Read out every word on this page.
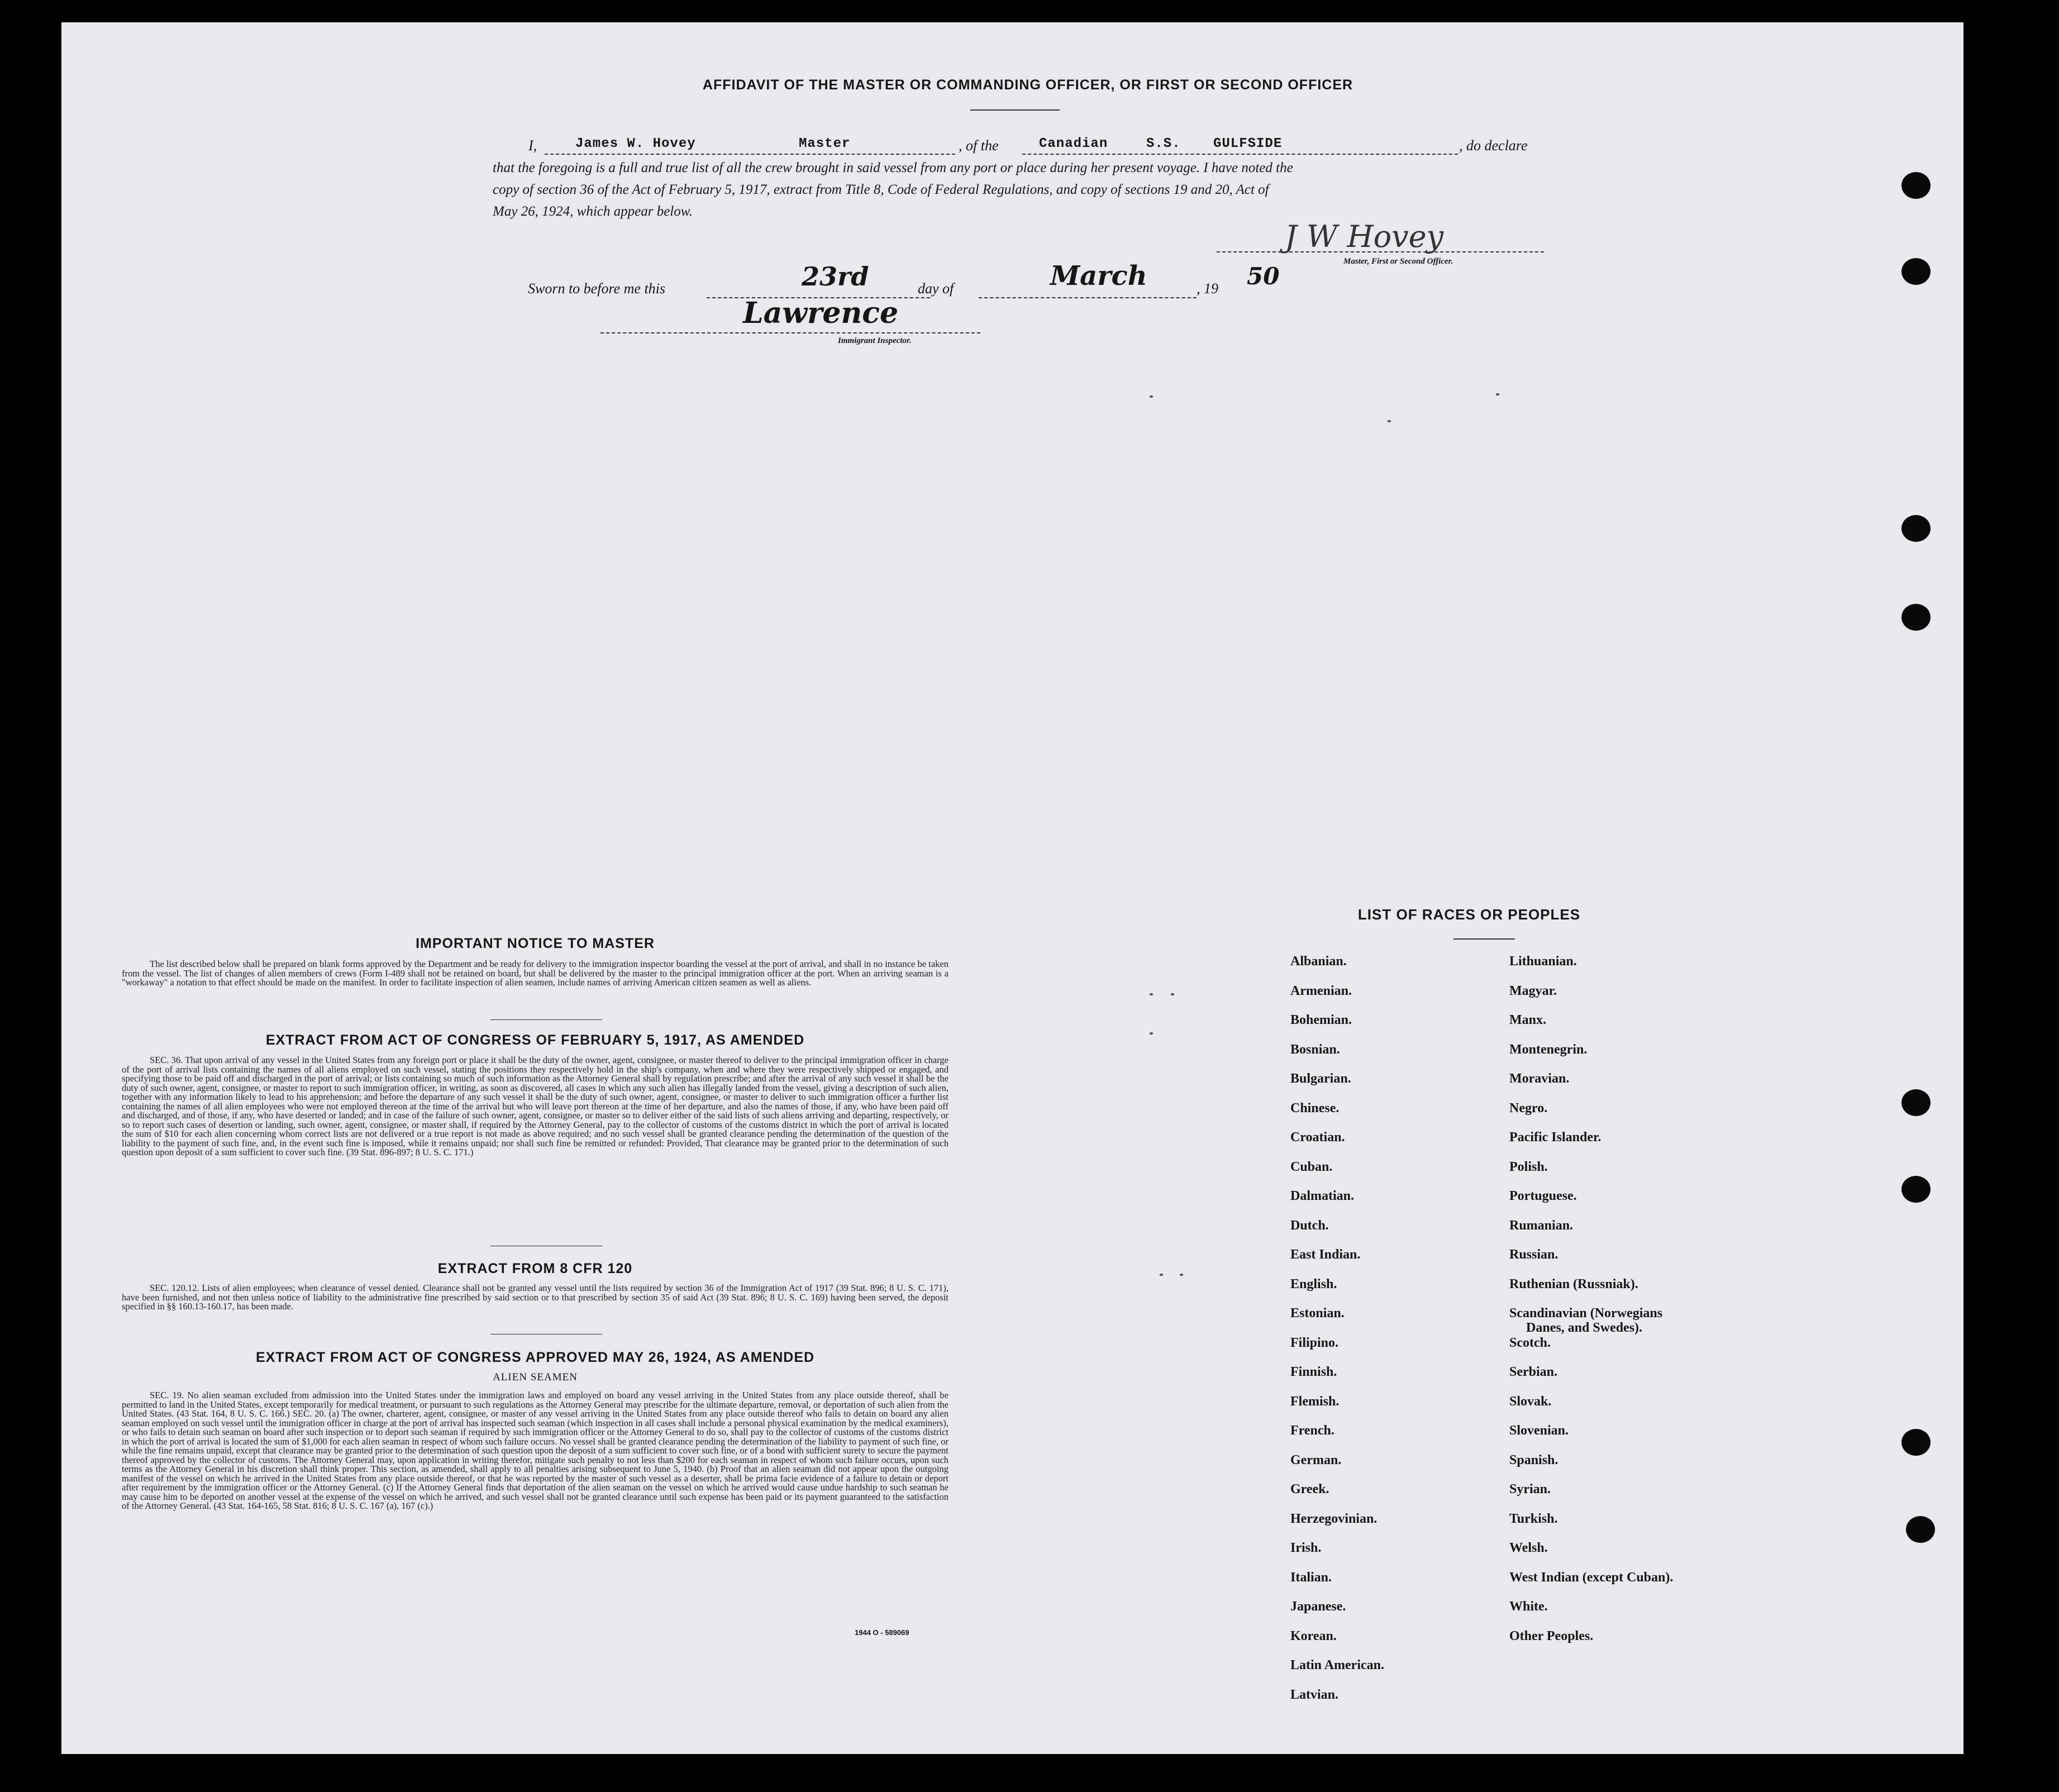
AFFIDAVIT OF THE MASTER OR COMMANDING OFFICER, OR FIRST OR SECOND OFFICER
I,	James W. Hovey	Master	, of the	Canadian	S.S. GULFSIDE	, do declare
that the foregoing is a full and true list of all the crew brought in said vessel from any port or place during her present voyage. I have noted the
copy of section 36 of the Act of February 5, 1917, extract from Title 8, Code of Federal Regulations, and copy of sections 19 and 20, Act of
May 26, 1924, which appear below.
Sworn to before me this	23rd	day of	March	, 19 50
J W Hovey
Master, First or Second Officer.
Lawrence
Immigrant Inspector.
IMPORTANT NOTICE TO MASTER
The list described below shall be prepared on blank forms approved by the Department and be ready for delivery to the immigration inspector boarding the vessel at the port of arrival, and shall in no instance be taken from the vessel. The list of changes of alien members of crews (Form I-489 shall not be retained on board, but shall be delivered by the master to the principal immigration officer at the port. When an arriving seaman is a "workaway" a notation to that effect should be made on the manifest. In order to facilitate inspection of alien seamen, include names of arriving American citizen seamen as well as aliens.
EXTRACT FROM ACT OF CONGRESS OF FEBRUARY 5, 1917, AS AMENDED
SEC. 36. That upon arrival of any vessel in the United States from any foreign port or place it shall be the duty of the owner, agent, consignee, or master thereof to deliver to the principal immigration officer in charge of the port of arrival lists containing the names of all aliens employed on such vessel, stating the positions they respectively hold in the ship's company, when and where they were respectively shipped or engaged, and specifying those to be paid off and discharged in the port of arrival; or lists containing so much of such information as the Attorney General shall by regulation prescribe; and after the arrival of any such vessel it shall be the duty of such owner, agent, consignee, or master to report to such immigration officer, in writing, as soon as discovered, all cases in which any such alien has illegally landed from the vessel, giving a description of such alien, together with any information likely to lead to his apprehension; and before the departure of any such vessel it shall be the duty of such owner, agent, consignee, or master to deliver to such immigration officer a further list containing the names of all alien employees who were not employed thereon at the time of the arrival but who will leave port thereon at the time of her departure, and also the names of those, if any, who have been paid off and discharged, and of those, if any, who have deserted or landed; and in case of the failure of such owner, agent, consignee, or master so to deliver either of the said lists of such aliens arriving and departing, respectively, or so to report such cases of desertion or landing, such owner, agent, consignee, or master shall, if required by the Attorney General, pay to the collector of customs of the customs district in which the port of arrival is located the sum of $10 for each alien concerning whom correct lists are not delivered or a true report is not made as above required; and no such vessel shall be granted clearance pending the determination of the question of the liability to the payment of such fine, and, in the event such fine is imposed, while it remains unpaid; nor shall such fine be remitted or refunded: Provided, That clearance may be granted prior to the determination of such question upon deposit of a sum sufficient to cover such fine. (39 Stat. 896-897; 8 U. S. C. 171.)
EXTRACT FROM 8 CFR 120
SEC. 120.12. Lists of alien employees; when clearance of vessel denied. Clearance shall not be granted any vessel until the lists required by section 36 of the Immigration Act of 1917 (39 Stat. 896; 8 U. S. C. 171), have been furnished, and not then unless notice of liability to the administrative fine prescribed by said section or to that prescribed by section 35 of said Act (39 Stat. 896; 8 U. S. C. 169) having been served, the deposit specified in §§ 160.13-160.17, has been made.
EXTRACT FROM ACT OF CONGRESS APPROVED MAY 26, 1924, AS AMENDED
ALIEN SEAMEN
SEC. 19. No alien seaman excluded from admission into the United States under the immigration laws and employed on board any vessel arriving in the United States from any place outside thereof, shall be permitted to land in the United States, except temporarily for medical treatment, or pursuant to such regulations as the Attorney General may prescribe for the ultimate departure, removal, or deportation of such alien from the United States. (43 Stat. 164, 8 U. S. C. 166.) SEC. 20. (a) The owner, charterer, agent, consignee, or master of any vessel arriving in the United States from any place outside thereof who fails to detain on board any alien seaman employed on such vessel until the immigration officer in charge at the port of arrival has inspected such seaman (which inspection in all cases shall include a personal physical examination by the medical examiners), or who fails to detain such seaman on board after such inspection or to deport such seaman if required by such immigration officer or the Attorney General to do so, shall pay to the collector of customs of the customs district in which the port of arrival is located the sum of $1,000 for each alien seaman in respect of whom such failure occurs. No vessel shall be granted clearance pending the determination of the liability to payment of such fine, or while the fine remains unpaid, except that clearance may be granted prior to the determination of such question upon the deposit of a sum sufficient to cover such fine, or of a bond with sufficient surety to secure the payment thereof approved by the collector of customs. The Attorney General may, upon application in writing therefor, mitigate such penalty to not less than $200 for each seaman in respect of whom such failure occurs, upon such terms as the Attorney General in his discretion shall think proper. This section, as amended, shall apply to all penalties arising subsequent to June 5, 1940. (b) Proof that an alien seaman did not appear upon the outgoing manifest of the vessel on which he arrived in the United States from any place outside thereof, or that he was reported by the master of such vessel as a deserter, shall be prima facie evidence of a failure to detain or deport after requirement by the immigration officer or the Attorney General. (c) If the Attorney General finds that deportation of the alien seaman on the vessel on which he arrived would cause undue hardship to such seaman he may cause him to be deported on another vessel at the expense of the vessel on which he arrived, and such vessel shall not be granted clearance until such expense has been paid or its payment guaranteed to the satisfaction of the Attorney General. (43 Stat. 164-165, 58 Stat. 816; 8 U. S. C. 167 (a), 167 (c).)
1944 O - 589069
LIST OF RACES OR PEOPLES
Albanian.
Armenian.
Bohemian.
Bosnian.
Bulgarian.
Chinese.
Croatian.
Cuban.
Dalmatian.
Dutch.
East Indian.
English.
Estonian.
Filipino.
Finnish.
Flemish.
French.
German.
Greek.
Herzegovinian.
Irish.
Italian.
Japanese.
Korean.
Latin American.
Latvian.
Lithuanian.
Magyar.
Manx.
Montenegrin.
Moravian.
Negro.
Pacific Islander.
Polish.
Portuguese.
Rumanian.
Russian.
Ruthenian (Russniak).
Scandinavian (Norwegians
Danes, and Swedes).
Scotch.
Serbian.
Slovak.
Slovenian.
Spanish.
Syrian.
Turkish.
Welsh.
West Indian (except Cuban).
White.
Other Peoples.
